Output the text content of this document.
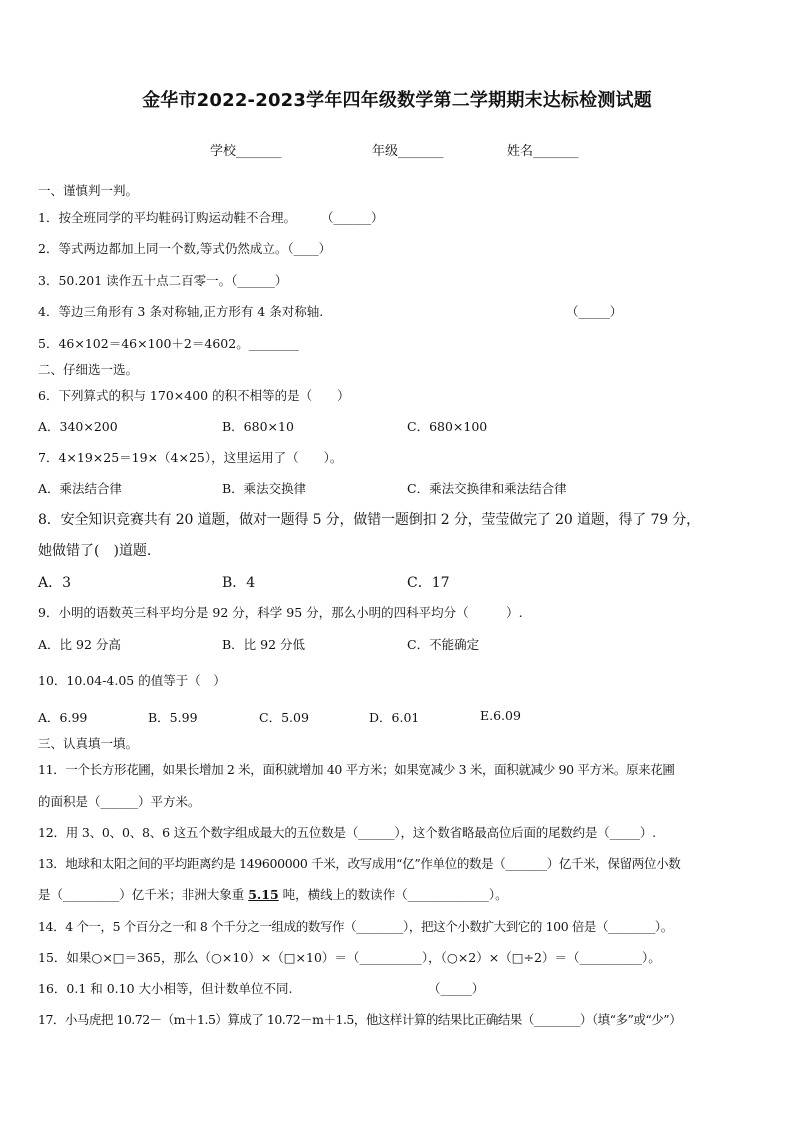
金华市2022-2023学年四年级数学第二学期期末达标检测试题
学校_______	年级_______	姓名_______
一、谨慎判一判。
1．按全班同学的平均鞋码订购运动鞋不合理。　　　（______）
2．等式两边都加上同一个数,等式仍然成立。（____）
3．50.201 读作五十点二百零一。（______）
4．等边三角形有 3 条对称轴,正方形有 4 条对称轴.	（_____）
5．46×102＝46×100＋2＝4602。________
二、仔细选一选。
6．下列算式的积与 170×400 的积不相等的是（　　）
A．340×200	B．680×10	C．680×100
7．4×19×25＝19×（4×25），这里运用了（　　）。
A．乘法结合律	B．乘法交换律	C．乘法交换律和乘法结合律
8．安全知识竞赛共有 20 道题，做对一题得 5 分，做错一题倒扣 2 分，莹莹做完了 20 道题，得了 79 分，
她做错了(　)道题.
A．3	B．4	C．17
9．小明的语数英三科平均分是 92 分，科学 95 分，那么小明的四科平均分（　　　）.
A．比 92 分高	B．比 92 分低	C．不能确定
10．10.04-4.05 的值等于（　）
A．6.99	B．5.99	C．5.09	D．6.01	E.6.09
三、认真填一填。
11．一个长方形花圃，如果长增加 2 米，面积就增加 40 平方米；如果宽减少 3 米，面积就减少 90 平方米。原来花圃
的面积是（______）平方米。
12．用 3、0、0、8、6 这五个数字组成最大的五位数是（______），这个数省略最高位后面的尾数约是（_____）.
13．地球和太阳之间的平均距离约是 149600000 千米，改写成用“亿”作单位的数是（_______）亿千米，保留两位小数
是（_________）亿千米；非洲大象重 5.15 吨，横线上的数读作（_____________）。
14．4 个一，5 个百分之一和 8 个千分之一组成的数写作（________），把这个小数扩大到它的 100 倍是（________）。
15．如果○×□＝365，那么（○×10）×（□×10）＝（__________），（○×2）×（□÷2）＝（__________）。
16．0.1 和 0.10 大小相等，但计数单位不同.	（_____）
17．小马虎把 10.72－（m＋1.5）算成了 10.72－m＋1.5，他这样计算的结果比正确结果（________）（填“多”或“少”）
